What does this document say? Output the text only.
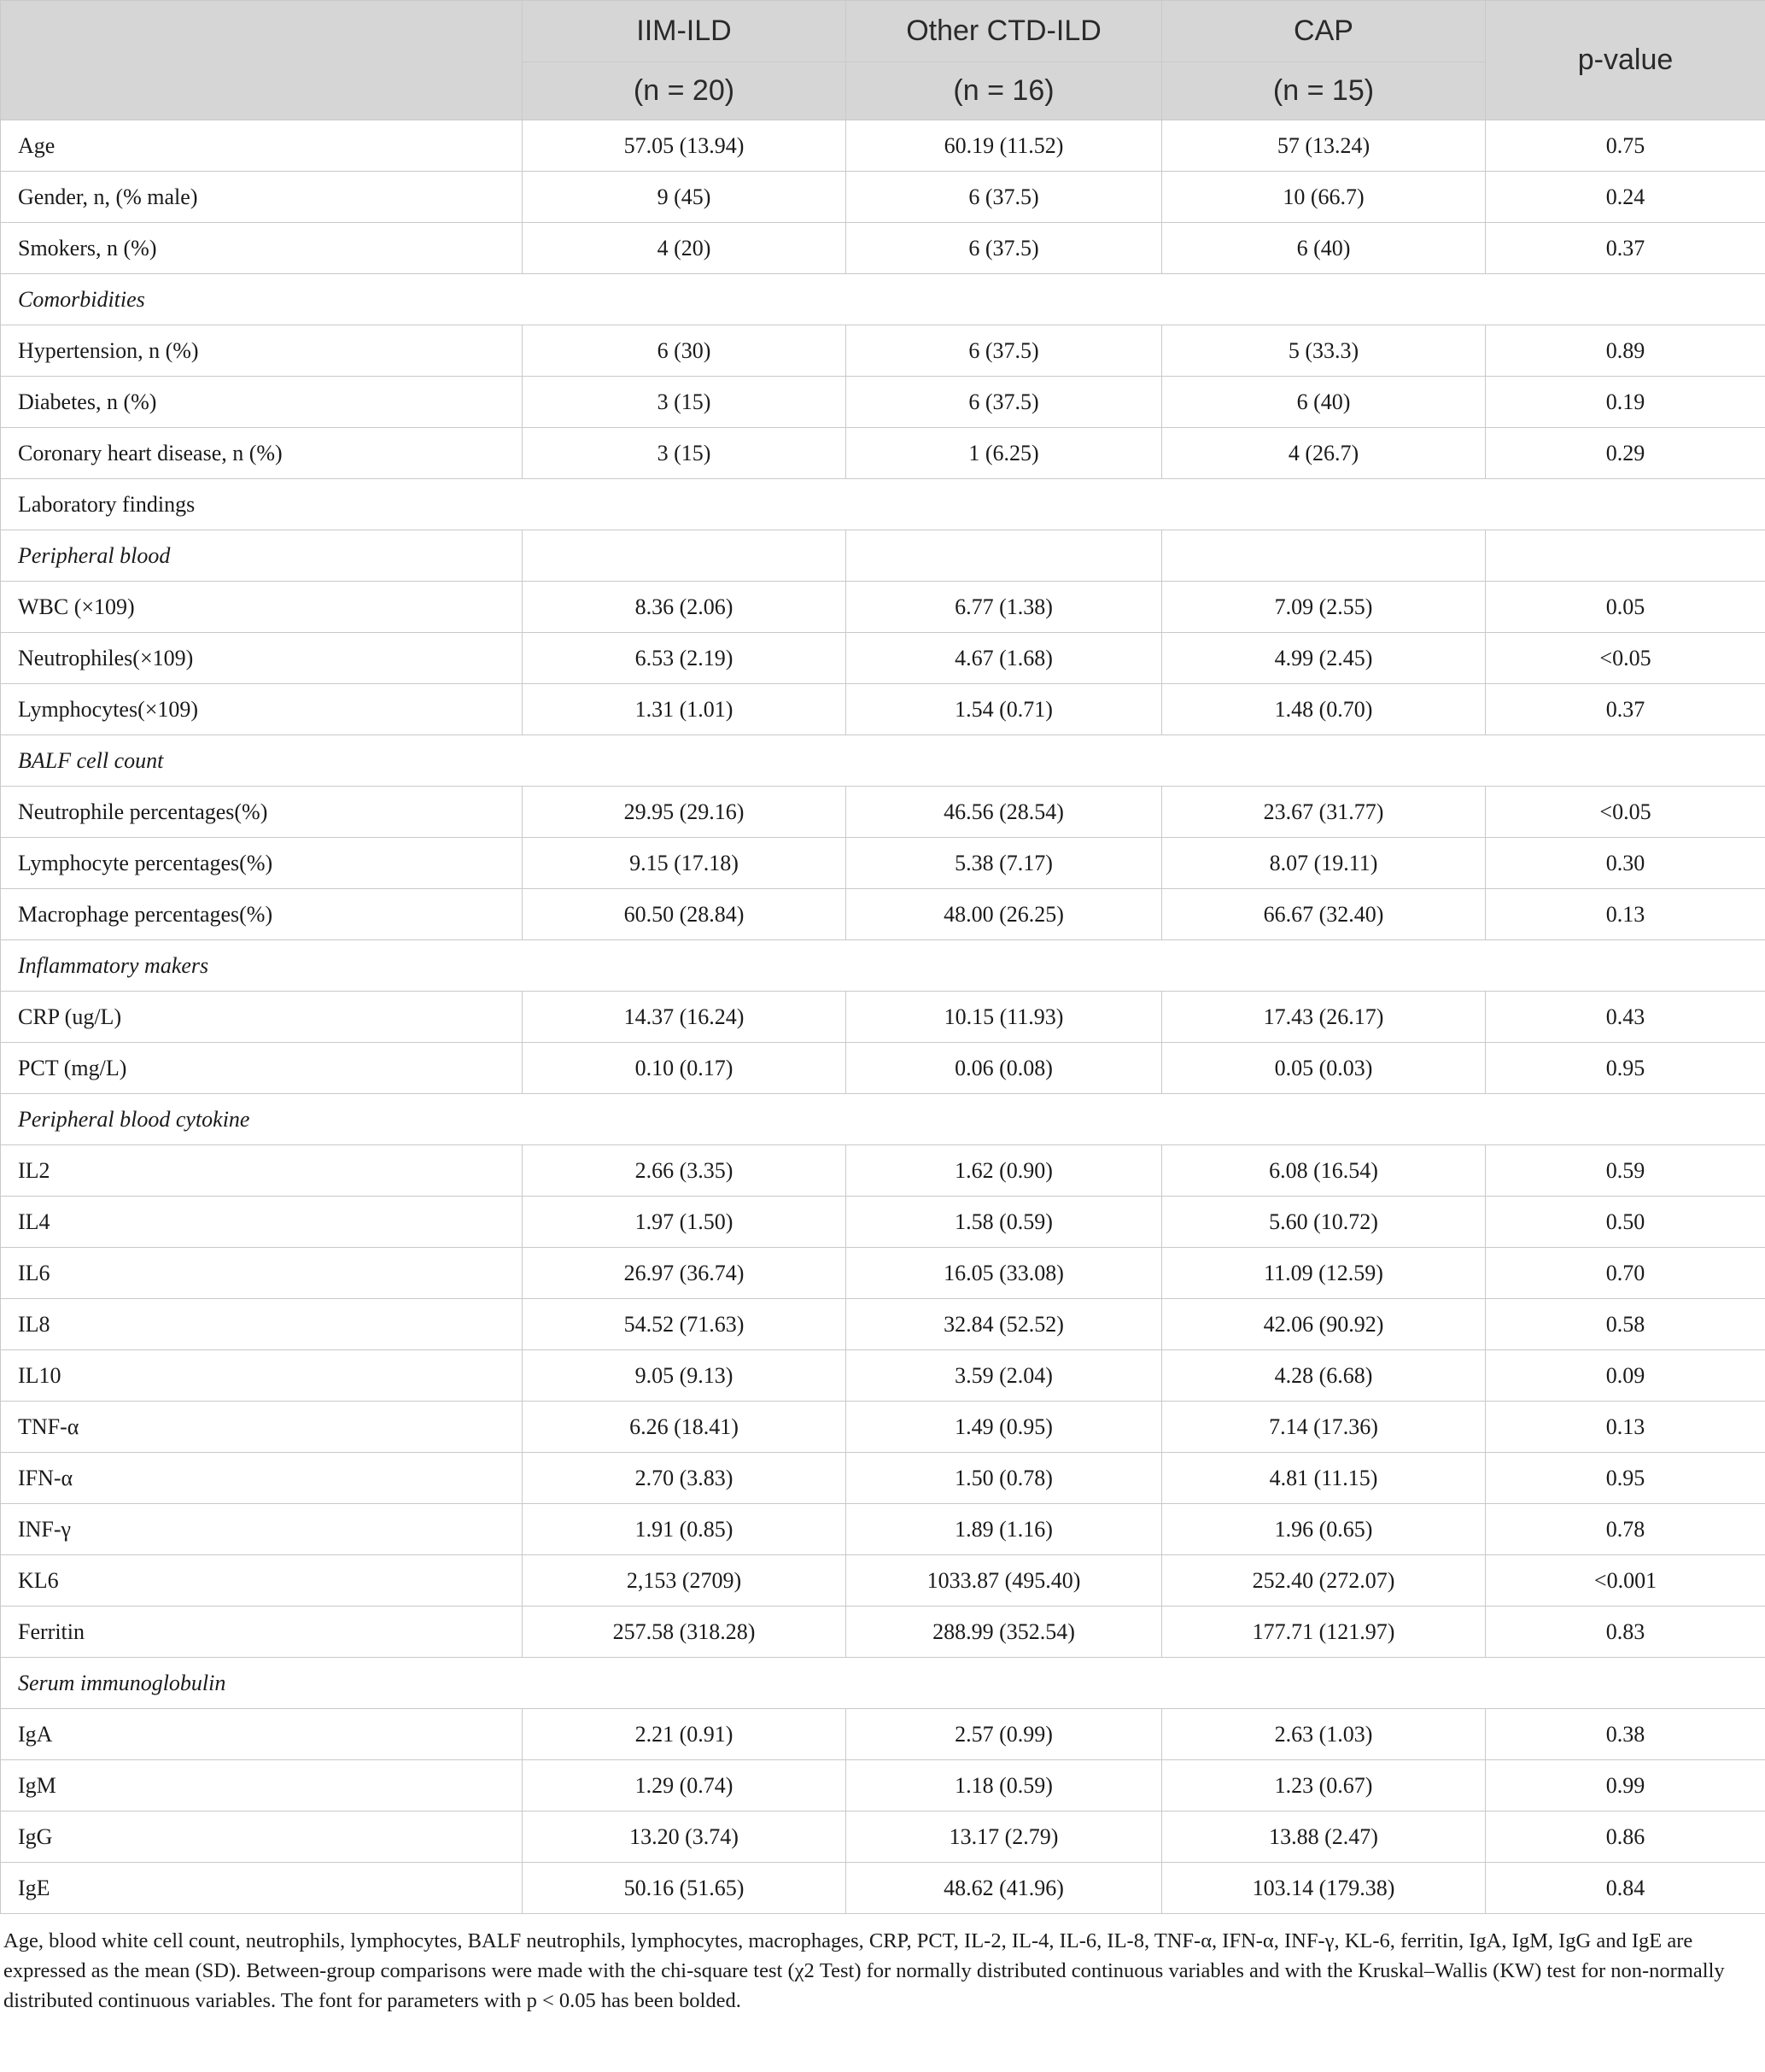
	IIM-ILD	Other CTD-ILD	CAP	p-value
	(n = 20)	(n = 16)	(n = 15)	
Age	57.05 (13.94)	60.19 (11.52)	57 (13.24)	0.75
Gender, n, (% male)	9 (45)	6 (37.5)	10 (66.7)	0.24
Smokers, n (%)	4 (20)	6 (37.5)	6 (40)	0.37
Comorbidities				
Hypertension, n (%)	6 (30)	6 (37.5)	5 (33.3)	0.89
Diabetes, n (%)	3 (15)	6 (37.5)	6 (40)	0.19
Coronary heart disease, n (%)	3 (15)	1 (6.25)	4 (26.7)	0.29
Laboratory findings				
Peripheral blood				
WBC (×109)	8.36 (2.06)	6.77 (1.38)	7.09 (2.55)	0.05
Neutrophiles(×109)	6.53 (2.19)	4.67 (1.68)	4.99 (2.45)	<0.05
Lymphocytes(×109)	1.31 (1.01)	1.54 (0.71)	1.48 (0.70)	0.37
BALF cell count				
Neutrophile percentages(%)	29.95 (29.16)	46.56 (28.54)	23.67 (31.77)	<0.05
Lymphocyte percentages(%)	9.15 (17.18)	5.38 (7.17)	8.07 (19.11)	0.30
Macrophage percentages(%)	60.50 (28.84)	48.00 (26.25)	66.67 (32.40)	0.13
Inflammatory makers				
CRP (ug/L)	14.37 (16.24)	10.15 (11.93)	17.43 (26.17)	0.43
PCT (mg/L)	0.10 (0.17)	0.06 (0.08)	0.05 (0.03)	0.95
Peripheral blood cytokine				
IL2	2.66 (3.35)	1.62 (0.90)	6.08 (16.54)	0.59
IL4	1.97 (1.50)	1.58 (0.59)	5.60 (10.72)	0.50
IL6	26.97 (36.74)	16.05 (33.08)	11.09 (12.59)	0.70
IL8	54.52 (71.63)	32.84 (52.52)	42.06 (90.92)	0.58
IL10	9.05 (9.13)	3.59 (2.04)	4.28 (6.68)	0.09
TNF-α	6.26 (18.41)	1.49 (0.95)	7.14 (17.36)	0.13
IFN-α	2.70 (3.83)	1.50 (0.78)	4.81 (11.15)	0.95
INF-γ	1.91 (0.85)	1.89 (1.16)	1.96 (0.65)	0.78
KL6	2,153 (2709)	1033.87 (495.40)	252.40 (272.07)	<0.001
Ferritin	257.58 (318.28)	288.99 (352.54)	177.71 (121.97)	0.83
Serum immunoglobulin				
IgA	2.21 (0.91)	2.57 (0.99)	2.63 (1.03)	0.38
IgM	1.29 (0.74)	1.18 (0.59)	1.23 (0.67)	0.99
IgG	13.20 (3.74)	13.17 (2.79)	13.88 (2.47)	0.86
IgE	50.16 (51.65)	48.62 (41.96)	103.14 (179.38)	0.84
Age, blood white cell count, neutrophils, lymphocytes, BALF neutrophils, lymphocytes, macrophages, CRP, PCT, IL-2, IL-4, IL-6, IL-8, TNF-α, IFN-α, INF-γ, KL-6, ferritin, IgA, IgM, IgG and IgE are expressed as the mean (SD). Between-group comparisons were made with the chi-square test (χ2 Test) for normally distributed continuous variables and with the Kruskal–Wallis (KW) test for non-normally distributed continuous variables. The font for parameters with p < 0.05 has been bolded.
